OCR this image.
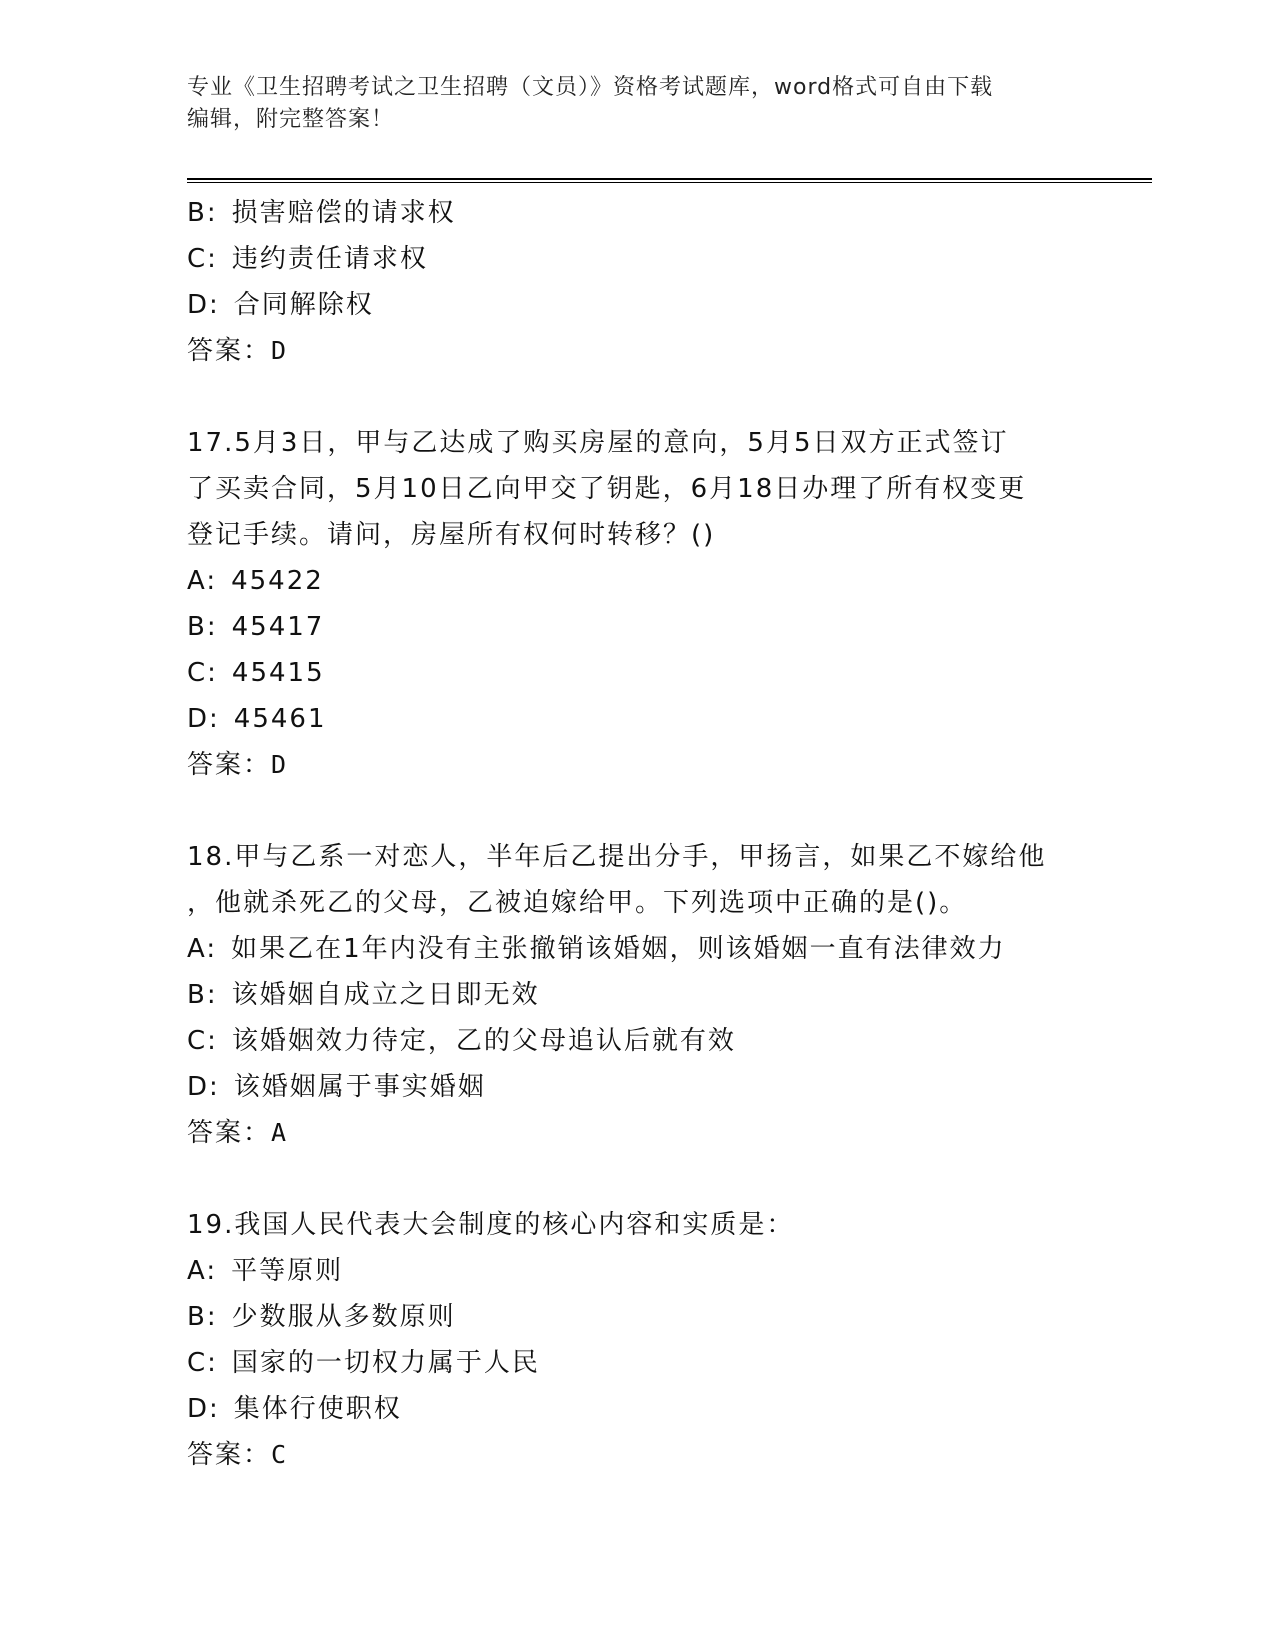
专业《卫生招聘考试之卫生招聘（文员）》资格考试题库，word格式可自由下载
编辑，附完整答案！
B: 损害赔偿的请求权
C: 违约责任请求权
D: 合同解除权
答案：D
17.5月3日，甲与乙达成了购买房屋的意向，5月5日双方正式签订
了买卖合同，5月10日乙向甲交了钥匙，6月18日办理了所有权变更
登记手续。请问，房屋所有权何时转移？()
A: 45422
B: 45417
C: 45415
D: 45461
答案：D
18.甲与乙系一对恋人，半年后乙提出分手，甲扬言，如果乙不嫁给他
，他就杀死乙的父母，乙被迫嫁给甲。下列选项中正确的是()。
A: 如果乙在1年内没有主张撤销该婚姻，则该婚姻一直有法律效力
B: 该婚姻自成立之日即无效
C: 该婚姻效力待定，乙的父母追认后就有效
D: 该婚姻属于事实婚姻
答案：A
19.我国人民代表大会制度的核心内容和实质是：
A: 平等原则
B: 少数服从多数原则
C: 国家的一切权力属于人民
D: 集体行使职权
答案：C
